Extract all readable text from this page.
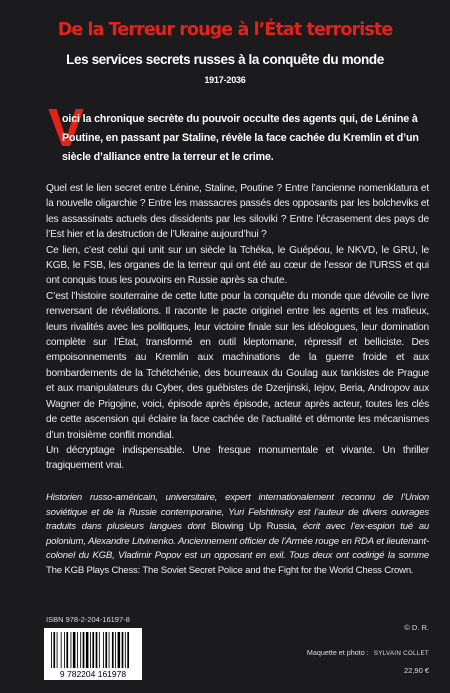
De la Terreur rouge à l’État terroriste
Les services secrets russes à la conquête du monde
1917-2036
V
oici la chronique secrète du pouvoir occulte des agents qui, de Lénine à Poutine, en passant par Staline, révèle la face cachée du Kremlin et d’un siècle d’alliance entre la terreur et le crime.

Quel est le lien secret entre Lénine, Staline, Poutine ? Entre l’ancienne nomenklatura et la nouvelle oligarchie ? Entre les massacres passés des opposants par les bolcheviks et les assassinats actuels des dissidents par les siloviki ? Entre l’écrasement des pays de l’Est hier et la destruction de l’Ukraine aujourd’hui ?

Ce lien, c’est celui qui unit sur un siècle la Tchéka, le Guépéou, le NKVD, le GRU, le KGB, le FSB, les organes de la terreur qui ont été au cœur de l’essor de l’URSS et qui ont conquis tous les pouvoirs en Russie après sa chute.

C’est l’histoire souterraine de cette lutte pour la conquête du monde que dévoile ce livre renversant de révélations. Il raconte le pacte originel entre les agents et les mafieux, leurs rivalités avec les politiques, leur victoire finale sur les idéologues, leur domination complète sur l’État, transformé en outil kleptomane, répressif et belliciste. Des empoisonnements au Kremlin aux machinations de la guerre froide et aux bombardements de la Tchétchénie, des bourreaux du Goulag aux tankistes de Prague et aux manipulateurs du Cyber, des guébistes de Dzerjinski, Iejov, Beria, Andropov aux Wagner de Prigojine, voici, épisode après épisode, acteur après acteur, toutes les clés de cette ascension qui éclaire la face cachée de l’actualité et démonte les mécanismes d’un troisième conflit mondial.

Un décryptage indispensable. Une fresque monumentale et vivante. Un thriller tragiquement vrai.

Historien russo-américain, universitaire, expert internationalement reconnu de l’Union soviétique et de la Russie contemporaine, Yuri Felshtinsky est l’auteur de divers ouvrages traduits dans plusieurs langues dont Blowing Up Russia, écrit avec l’ex-espion tué au polonium, Alexandre Litvinenko. Anciennement officier de l’Armée rouge en RDA et lieutenant-colonel du KGB, Vladimir Popov est un opposant en exil. Tous deux ont codirigé la somme The KGB Plays Chess: The Soviet Secret Police and the Fight for the World Chess Crown.
ISBN 978-2-204-16197-8
9 782204 161978
© D. R.
Maquette et photo : SYLVAIN COLLET
22,90 €
